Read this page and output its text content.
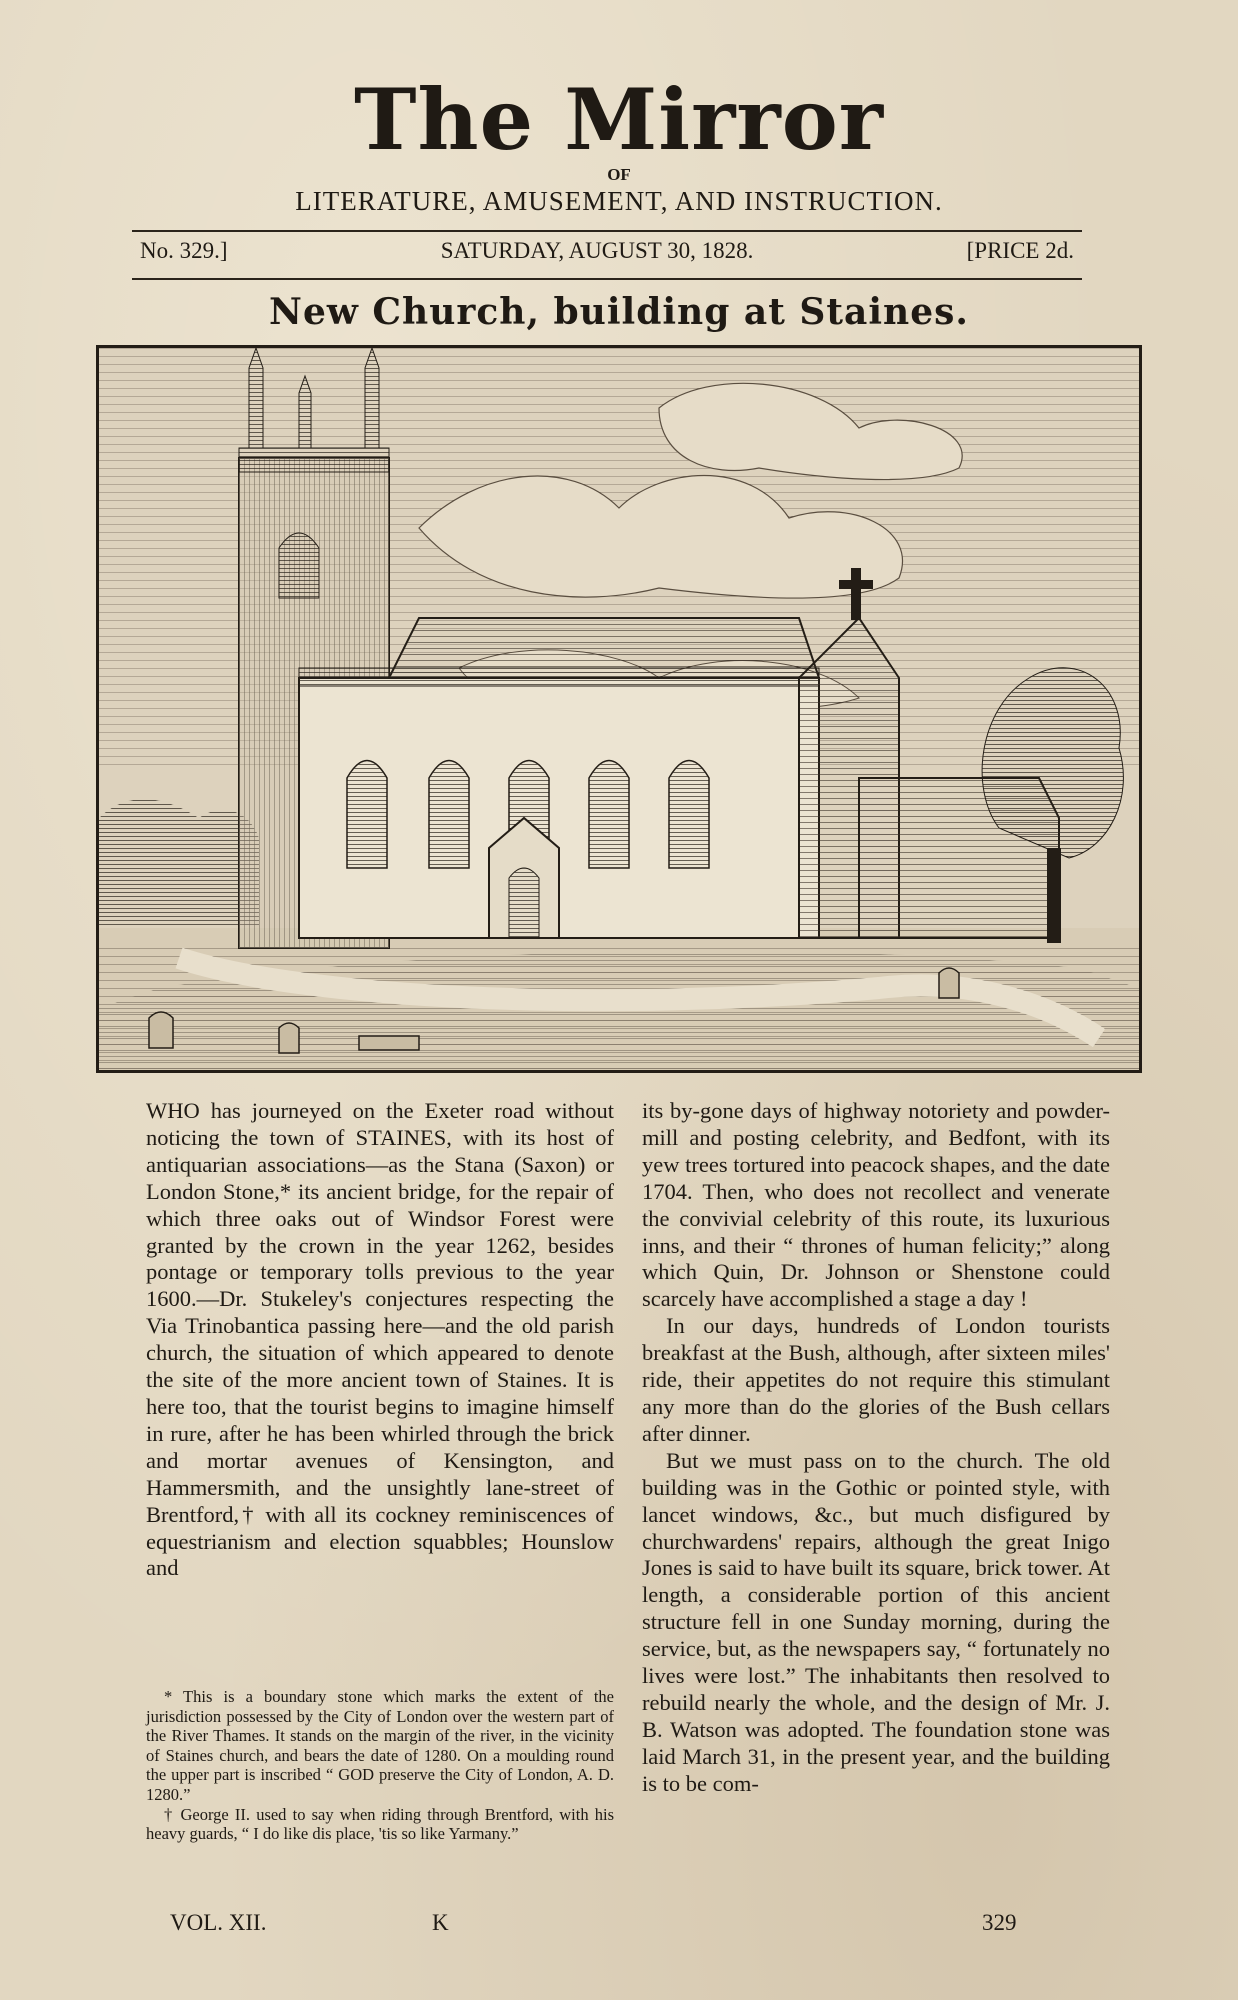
The Mirror
OF
LITERATURE, AMUSEMENT, AND INSTRUCTION.
No. 329.]	SATURDAY, AUGUST 30, 1828.	[PRICE 2d.
New Church, building at Staines.

WHO has journeyed on the Exeter road without noticing the town of STAINES, with its host of antiquarian associations—as the Stana (Saxon) or London Stone,* its ancient bridge, for the repair of which three oaks out of Windsor Forest were granted by the crown in the year 1262, besides pontage or temporary tolls previous to the year 1600.—Dr. Stukeley's conjectures respecting the Via Trinobantica passing here—and the old parish church, the situation of which appeared to denote the site of the more ancient town of Staines. It is here too, that the tourist begins to imagine himself in rure, after he has been whirled through the brick and mortar avenues of Kensington, and Hammersmith, and the unsightly lane-street of Brentford,† with all its cockney reminiscences of equestrianism and election squabbles; Hounslow and

its by-gone days of highway notoriety and powder-mill and posting celebrity, and Bedfont, with its yew trees tortured into peacock shapes, and the date 1704. Then, who does not recollect and venerate the convivial celebrity of this route, its luxurious inns, and their “ thrones of human felicity;” along which Quin, Dr. Johnson or Shenstone could scarcely have accomplished a stage a day !

In our days, hundreds of London tourists breakfast at the Bush, although, after sixteen miles' ride, their appetites do not require this stimulant any more than do the glories of the Bush cellars after dinner.

But we must pass on to the church. The old building was in the Gothic or pointed style, with lancet windows, &c., but much disfigured by churchwardens' repairs, although the great Inigo Jones is said to have built its square, brick tower. At length, a considerable portion of this ancient structure fell in one Sunday morning, during the service, but, as the newspapers say, “ fortunately no lives were lost.” The inhabitants then resolved to rebuild nearly the whole, and the design of Mr. J. B. Watson was adopted. The foundation stone was laid March 31, in the present year, and the building is to be com-

* This is a boundary stone which marks the extent of the jurisdiction possessed by the City of London over the western part of the River Thames. It stands on the margin of the river, in the vicinity of Staines church, and bears the date of 1280. On a moulding round the upper part is inscribed “ GOD preserve the City of London, A. D. 1280.”

† George II. used to say when riding through Brentford, with his heavy guards, “ I do like dis place, 'tis so like Yarmany.”

VOL. XII.	K	329
